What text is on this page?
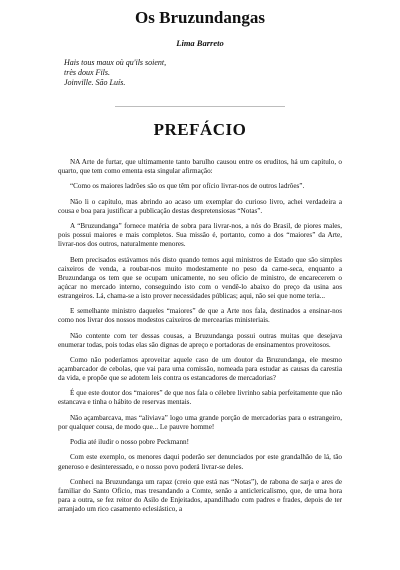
Os Bruzundangas
Lima Barreto
Hais tous maux où qu'ils soient,
très doux Fils.
Joinville. São Luís.
PREFÁCIO

NA Arte de furtar, que ultimamente tanto barulho causou entre os eruditos, há um capítulo, o quarto, que tem como ementa esta singular afirmação:

“Como os maiores ladrões são os que têm por ofício livrar-nos de outros ladrões”.

Não li o capítulo, mas abrindo ao acaso um exemplar do curioso livro, achei verdadeira a cousa e boa para justificar a publicação destas despretensiosas “Notas”.

A “Bruzundanga” fornece matéria de sobra para livrar-nos, a nós do Brasil, de piores males, pois possui maiores e mais completos. Sua missão é, portanto, como a dos “maiores” da Arte, livrar-nos dos outros, naturalmente menores.

Bem precisados estávamos nós disto quando temos aqui ministros de Estado que são simples caixeiros de venda, a roubar-nos muito modestamente no peso da carne-seca, enquanto a Bruzundanga os tem que se ocupam unicamente, no seu ofício de ministro, de encarecerem o açúcar no mercado interno, conseguindo isto com o vendê-lo abaixo do preço da usina aos estrangeiros. Lá, chama-se a isto prover necessidades públicas; aqui, não sei que nome teria...

E semelhante ministro daqueles “maiores” de que a Arte nos fala, destinados a ensinar-nos como nos livrar dos nossos modestos caixeiros de mercearias ministeriais.

Não contente com ter dessas cousas, a Bruzundanga possui outras muitas que desejava enumerar todas, pois todas elas são dignas de apreço e portadoras de ensinamentos proveitosos.

Como não poderíamos aproveitar aquele caso de um doutor da Bruzundanga, ele mesmo açambarcador de cebolas, que vai para uma comissão, nomeada para estudar as causas da carestia da vida, e propõe que se adotem leis contra os estancadores de mercadorias?

É que este doutor dos “maiores” de que nos fala o célebre livrinho sabia perfeitamente que não estancava e tinha o hábito de reservas mentais.

Não açambarcava, mas “aliviava” logo uma grande porção de mercadorias para o estrangeiro, por qualquer cousa, de modo que... Le pauvre homme!

Podia até iludir o nosso pobre Peckmann!

Com este exemplo, os menores daqui poderão ser denunciados por este grandalhão de lá, tão generoso e desinteressado, e o nosso povo poderá livrar-se deles.

Conheci na Bruzundanga um rapaz (creio que está nas “Notas”), de rabona de sarja e ares de familiar do Santo Ofício, mas tresandando a Comte, senão a anticlericalismo, que, de uma hora para a outra, se fez reitor do Asilo de Enjeitados, apandilhado com padres e frades, depois de ter arranjado um rico casamento eclesiástico, a
